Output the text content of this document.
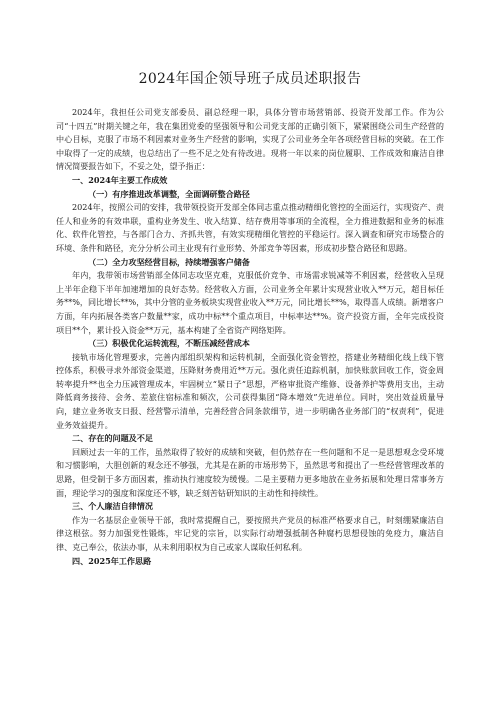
2024年国企领导班子成员述职报告

2024年，我担任公司党支部委员、副总经理一职，具体分管市场营销部、投资开发部工作。作为公司“十四五”时期关键之年，我在集团党委的坚强领导和公司党支部的正确引领下，紧紧围绕公司生产经营的中心目标，克服了市场不利因素对业务生产经营的影响，实现了公司业务全年各项经营目标的突破。在工作中取得了一定的成绩，也总结出了一些不足之处有待改进。现将一年以来的岗位履职、工作成效和廉洁自律情况简要报告如下，不妥之处，望予指正：

一、2024年主要工作成效

（一）有序推进改革调整，全面调研整合路径

2024年，按照公司的安排，我带领投资开发部全体同志重点推动精细化管控的全面运行，实现资产、责任人和业务的有效串联，重构业务发生、收入结算、结存费用等事项的全流程，全力推进数据和业务的标准化、软件化管控，与各部门合力、齐抓共管，有效实现精细化管控的平稳运行。深入调查和研究市场整合的环境、条件和路径，充分分析公司主业现有行业形势、外部竞争等因素，形成初步整合路径和思路。

（二）全力攻坚经营目标，持续增强客户储备

年内，我带领市场营销部全体同志攻坚克难，克服低价竞争、市场需求锐减等不利因素，经营收入呈现上半年企稳下半年加速增加的良好态势。经营收入方面，公司业务全年累计实现营业收入**万元，超目标任务**%，同比增长**%，其中分管的业务板块实现营业收入**万元，同比增长**%，取得喜人成绩。新增客户方面，年内拓展各类客户数量**家，成功中标**个重点项目，中标率达**%。资产投资方面，全年完成投资项目**个，累计投入资金**万元，基本构建了全省资产网络矩阵。

（三）积极优化运转流程，不断压减经营成本

接轨市场化管理要求，完善内部组织架构和运转机制，全面强化资金管控，搭建业务精细化线上线下管控体系，积极寻求外部资金渠道，压降财务费用近**万元。强化责任追踪机制，加快账款回收工作，资金周转率提升**也全力压减管理成本，牢固树立“紧日子”思想，严格审批资产维修、设备养护等费用支出，主动降低商务接待、会务、差旅住宿标准和频次，公司获得集团“降本增效”先进单位。同时，突出效益质量导向，建立业务收支日报、经营警示清单，完善经营合同条款细节，进一步明确各业务部门的“权责利”，促进业务效益提升。

二、存在的问题及不足

回顾过去一年的工作，虽然取得了较好的成绩和突破，但仍然存在一些问题和不足一是思想观念受环境和习惯影响，大胆创新的观念还不够强，尤其是在新的市场形势下，虽然思考和提出了一些经营管理改革的思路，但受制于多方面因素，推动执行速度较为缓慢。二是主要精力更多地放在业务拓展和处理日常事务方面，理论学习的强度和深度还不够，缺乏刻苦钻研知识的主动性和持续性。

三、个人廉洁自律情况

作为一名基层企业领导干部，我时常提醒自己，要按照共产党员的标准严格要求自己，时刻绷紧廉洁自律这根弦。努力加强党性锻炼，牢记党的宗旨，以实际行动增强抵制各种腐朽思想侵蚀的免疫力，廉洁自律、克己奉公，依法办事，从未利用职权为自己或家人谋取任何私利。

四、2025年工作思路
